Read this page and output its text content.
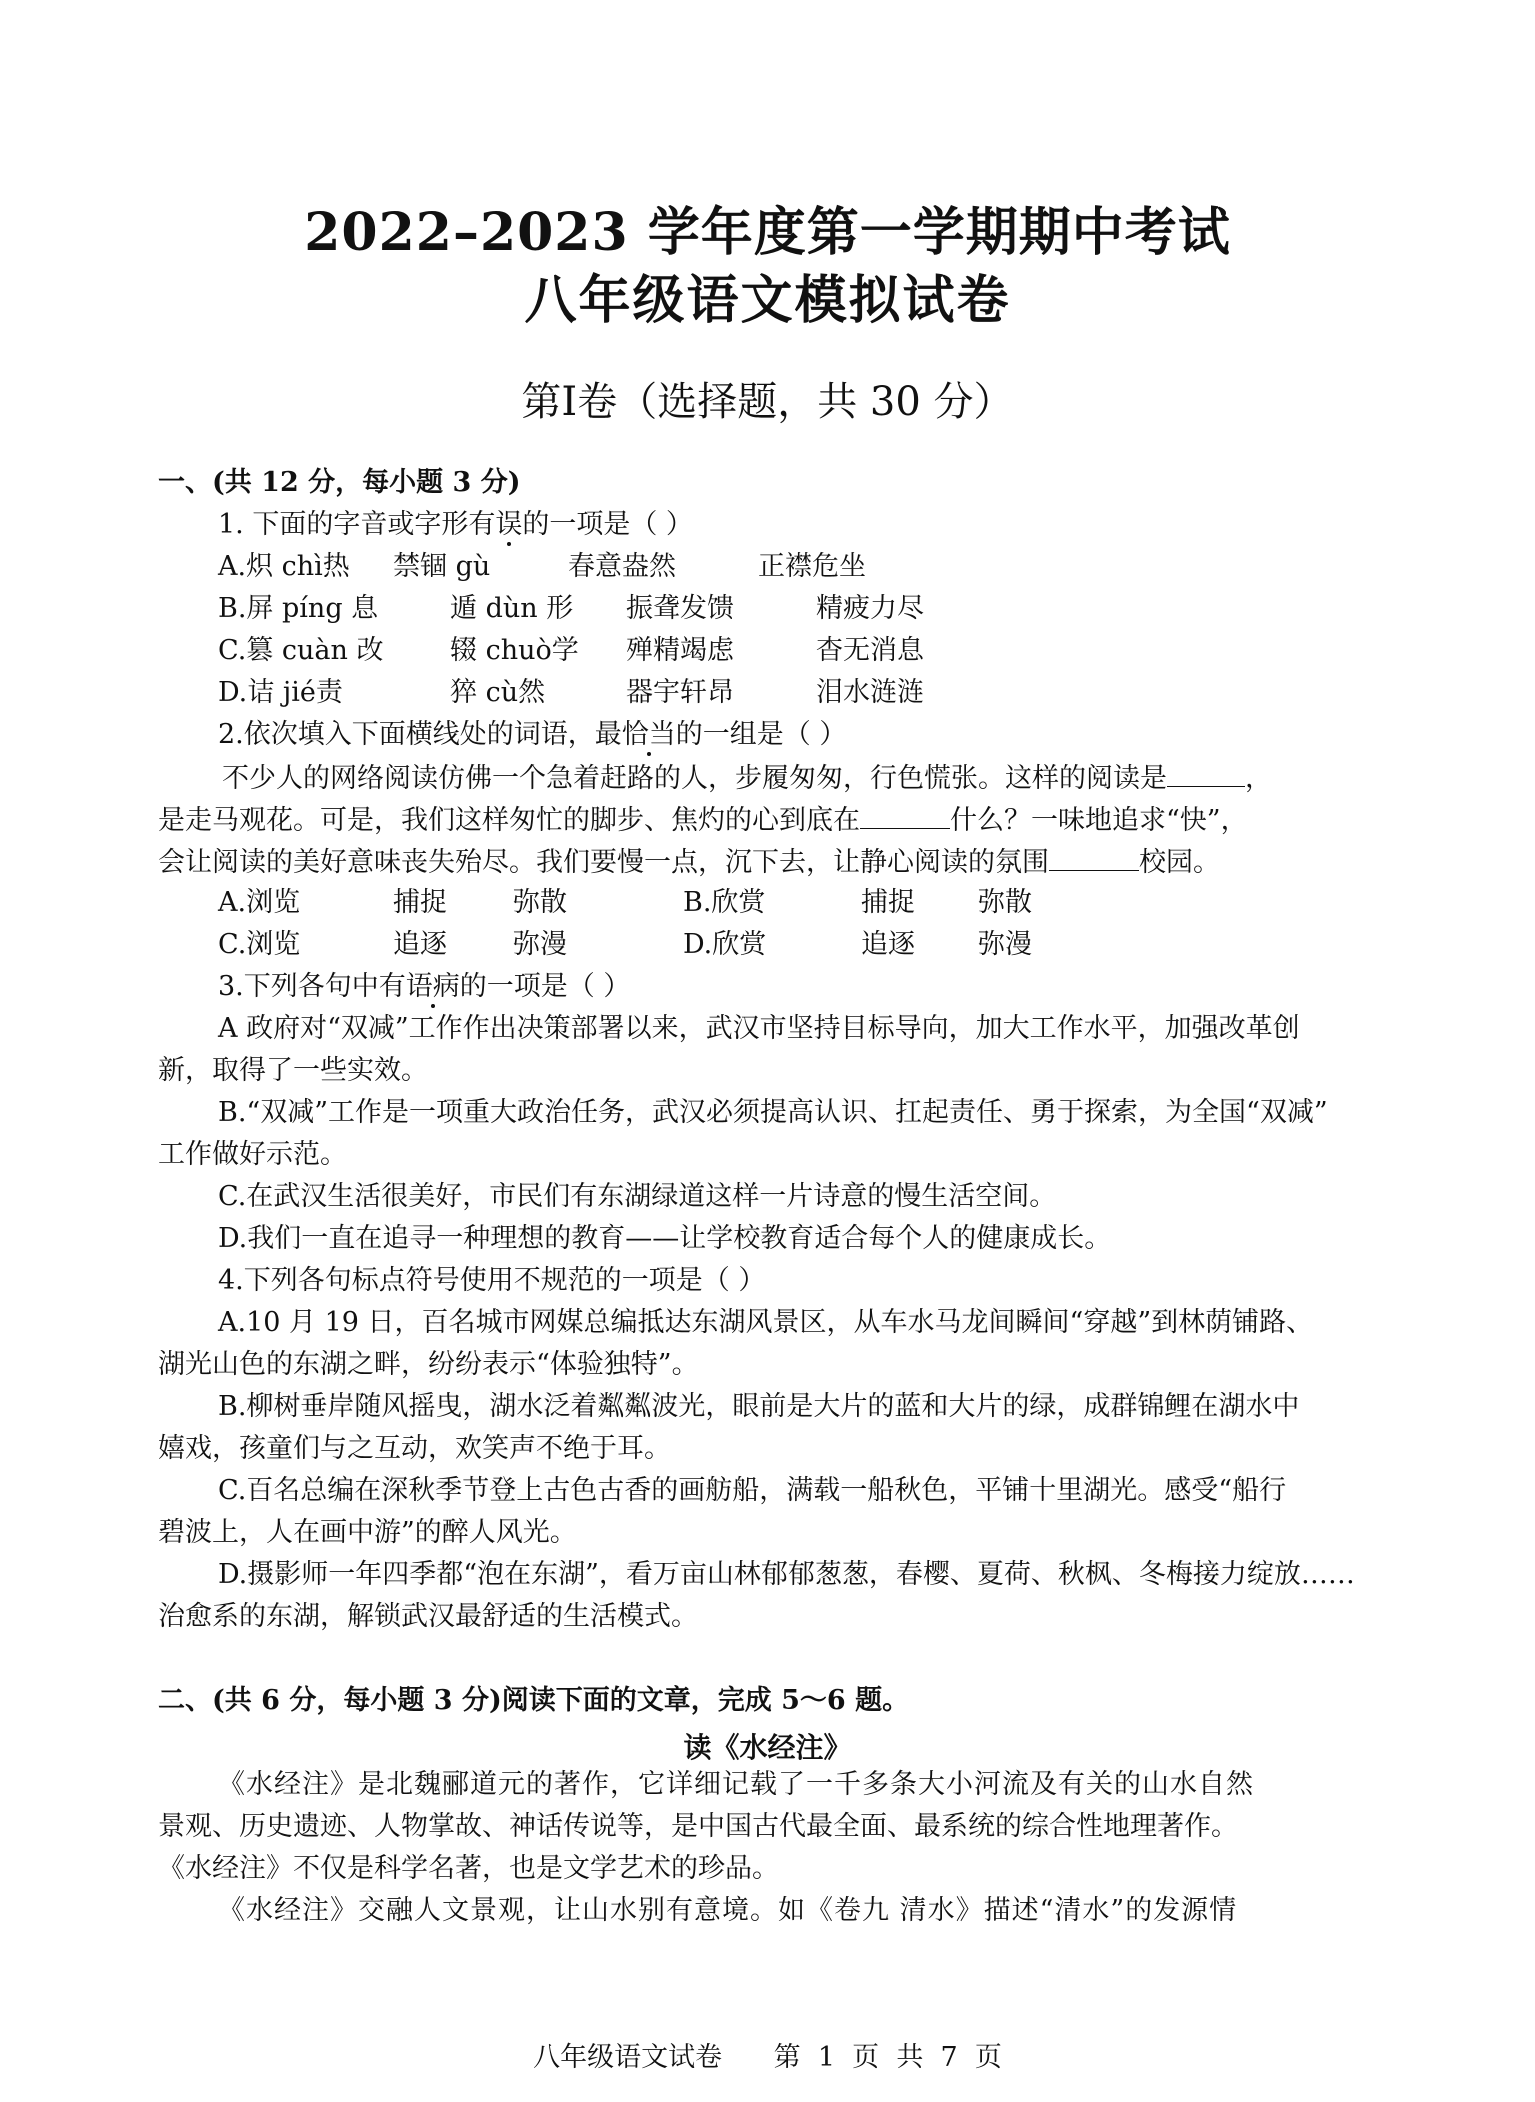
2022–2023 学年度第一学期期中考试
八年级语文模拟试卷
第Ⅰ卷（选择题，共 30 分）
一、(共 12 分，每小题 3 分)
1. 下面的字音或字形有误的一项是（ ）
A.炽 chì热 禁锢 gù	春意盎然	正襟危坐
B.屏 píng 息	遁 dùn 形 振聋发馈	精疲力尽
C.篡 cuàn 改 辍 chuò学 殚精竭虑	杳无消息
D.诘 jié责	猝 cù然	器宇轩昂	泪水涟涟
2.依次填入下面横线处的词语，最恰当的一组是（ ）
不少人的网络阅读仿佛一个急着赶路的人，步履匆匆，行色慌张。这样的阅读是	，
是走马观花。可是，我们这样匆忙的脚步、焦灼的心到底在	什么？一味地追求“快”，
会让阅读的美好意味丧失殆尽。我们要慢一点，沉下去，让静心阅读的氛围	校园。
A.浏览	捕捉 弥散	B.欣赏	捕捉 弥散
C.浏览	追逐 弥漫	D.欣赏	追逐 弥漫
3.下列各句中有语病的一项是（ ）
A 政府对“双减”工作作出决策部署以来，武汉市坚持目标导向，加大工作水平，加强改革创
新，取得了一些实效。
B.“双减”工作是一项重大政治任务，武汉必须提高认识、扛起责任、勇于探索，为全国“双减”
工作做好示范。
C.在武汉生活很美好，市民们有东湖绿道这样一片诗意的慢生活空间。
D.我们一直在追寻一种理想的教育——让学校教育适合每个人的健康成长。
4.下列各句标点符号使用不规范的一项是（ ）
A.10 月 19 日，百名城市网媒总编抵达东湖风景区，从车水马龙间瞬间“穿越”到林荫铺路、
湖光山色的东湖之畔，纷纷表示“体验独特”。
B.柳树垂岸随风摇曳，湖水泛着粼粼波光，眼前是大片的蓝和大片的绿，成群锦鲤在湖水中
嬉戏，孩童们与之互动，欢笑声不绝于耳。
C.百名总编在深秋季节登上古色古香的画舫船，满载一船秋色，平铺十里湖光。感受“船行
碧波上，人在画中游”的醉人风光。
D.摄影师一年四季都“泡在东湖”，看万亩山林郁郁葱葱，春樱、夏荷、秋枫、冬梅接力绽放……
治愈系的东湖，解锁武汉最舒适的生活模式。
二、(共 6 分，每小题 3 分)阅读下面的文章，完成 5～6 题。
读《水经注》
《水经注》是北魏郦道元的著作，它详细记载了一千多条大小河流及有关的山水自然
景观、历史遗迹、人物掌故、神话传说等，是中国古代最全面、最系统的综合性地理著作。
《水经注》不仅是科学名著，也是文学艺术的珍品。
《水经注》交融人文景观，让山水别有意境。如《卷九 清水》描述“清水”的发源情
八年级语文试卷      第  1  页  共  7  页
